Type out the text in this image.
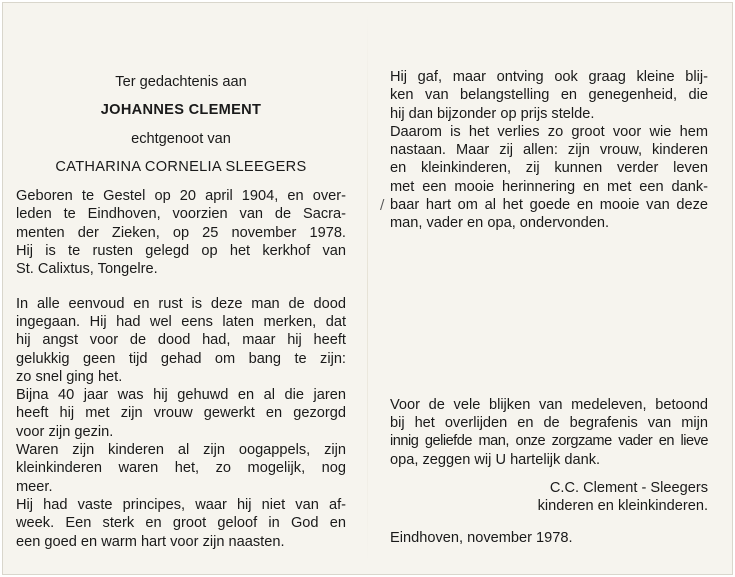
/
Ter gedachtenis aan
JOHANNES CLEMENT
echtgenoot van
CATHARINA CORNELIA SLEEGERS
Geboren te Gestel op 20 april 1904, en over-
leden te Eindhoven, voorzien van de Sacra-
menten der Zieken, op 25 november 1978.
Hij is te rusten gelegd op het kerkhof van
St. Calixtus, Tongelre.
In alle eenvoud en rust is deze man de dood
ingegaan. Hij had wel eens laten merken, dat
hij angst voor de dood had, maar hij heeft
gelukkig geen tijd gehad om bang te zijn:
zo snel ging het.
Bijna 40 jaar was hij gehuwd en al die jaren
heeft hij met zijn vrouw gewerkt en gezorgd
voor zijn gezin.
Waren zijn kinderen al zijn oogappels, zijn
kleinkinderen waren het, zo mogelijk, nog
meer.
Hij had vaste principes, waar hij niet van af-
week. Een sterk en groot geloof in God en
een goed en warm hart voor zijn naasten.
Hij gaf, maar ontving ook graag kleine blij-
ken van belangstelling en genegenheid, die
hij dan bijzonder op prijs stelde.
Daarom is het verlies zo groot voor wie hem
nastaan. Maar zij allen: zijn vrouw, kinderen
en kleinkinderen, zij kunnen verder leven
met een mooie herinnering en met een dank-
baar hart om al het goede en mooie van deze
man, vader en opa, ondervonden.
Voor de vele blijken van medeleven, betoond
bij het overlijden en de begrafenis van mijn
innig geliefde man, onze zorgzame vader en lieve
opa, zeggen wij U hartelijk dank.
C.C. Clement - Sleegers
kinderen en kleinkinderen.
Eindhoven, november 1978.
